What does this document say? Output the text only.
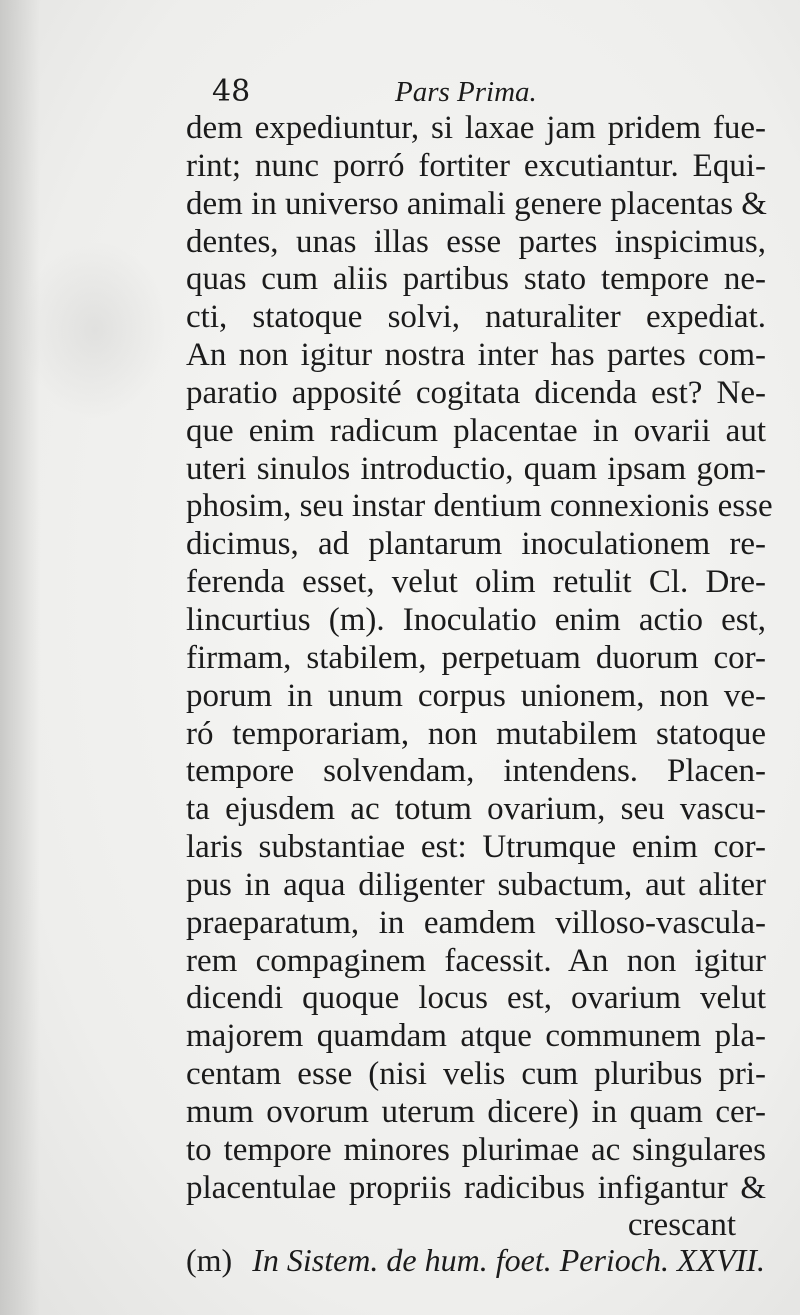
48	Pars Prima.
dem expediuntur, si laxae jam pridem fue-
rint; nunc porró fortiter excutiantur. Equi-
dem in universo animali genere placentas &
dentes, unas illas esse partes inspicimus,
quas cum aliis partibus stato tempore ne-
cti, statoque solvi, naturaliter expediat.
An non igitur nostra inter has partes com-
paratio apposité cogitata dicenda est? Ne-
que enim radicum placentae in ovarii aut
uteri sinulos introductio, quam ipsam gom-
phosim, seu instar dentium connexionis esse
dicimus, ad plantarum inoculationem re-
ferenda esset, velut olim retulit Cl. Dre-
lincurtius (m). Inoculatio enim actio est,
firmam, stabilem, perpetuam duorum cor-
porum in unum corpus unionem, non ve-
ró temporariam, non mutabilem statoque
tempore solvendam, intendens. Placen-
ta ejusdem ac totum ovarium, seu vascu-
laris substantiae est: Utrumque enim cor-
pus in aqua diligenter subactum, aut aliter
praeparatum, in eamdem villoso-vascula-
rem compaginem facessit. An non igitur
dicendi quoque locus est, ovarium velut
majorem quamdam atque communem pla-
centam esse (nisi velis cum pluribus pri-
mum ovorum uterum dicere) in quam cer-
to tempore minores plurimae ac singulares
placentulae propriis radicibus infigantur &
crescant
(m) In Sistem. de hum. foet. Perioch. XXVII.
